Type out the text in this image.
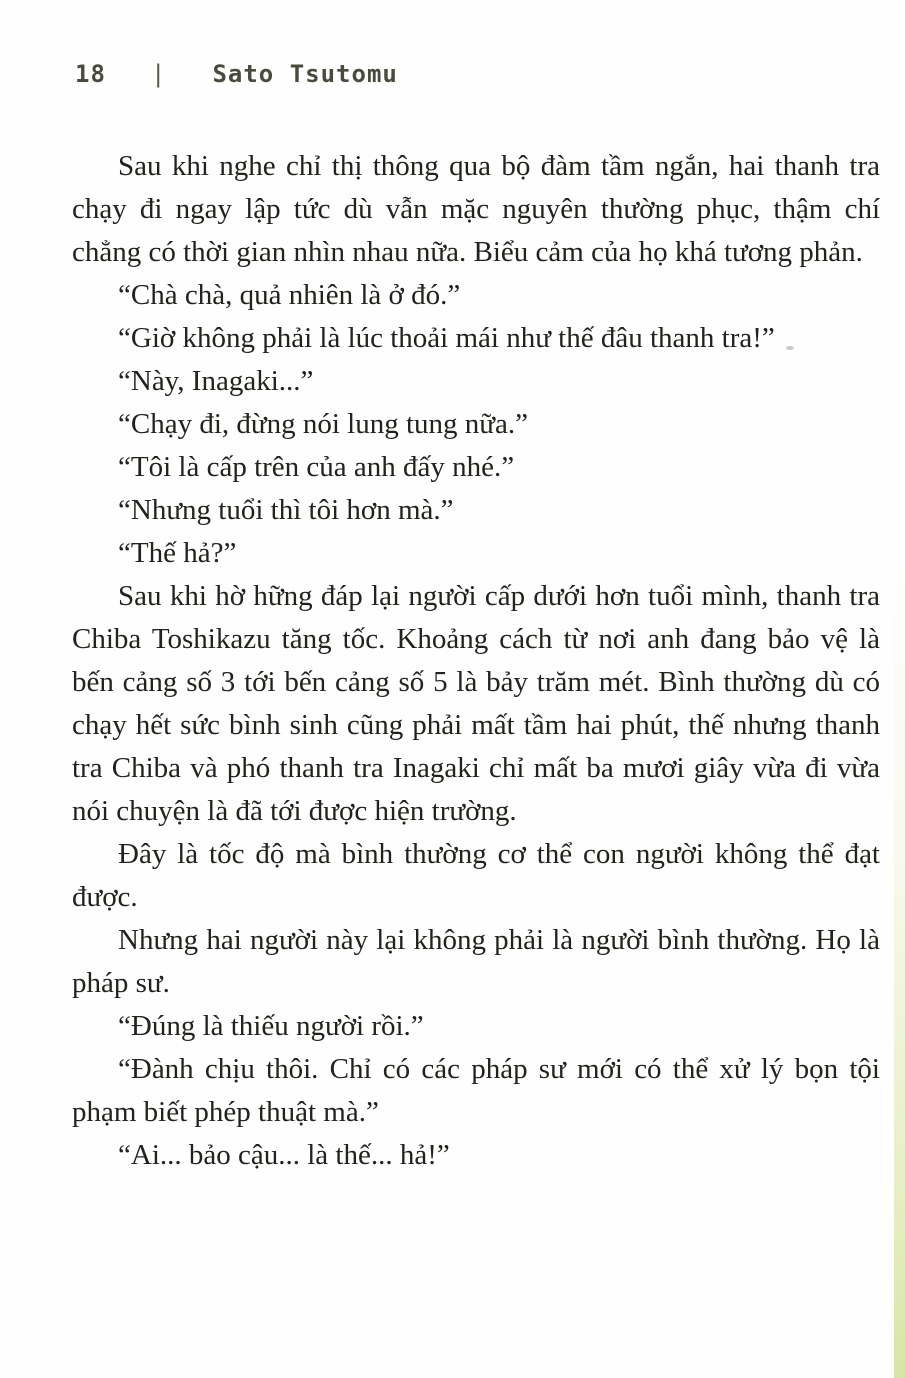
18 | Sato Tsutomu

Sau khi nghe chỉ thị thông qua bộ đàm tầm ngắn, hai thanh tra chạy đi ngay lập tức dù vẫn mặc nguyên thường phục, thậm chí chẳng có thời gian nhìn nhau nữa. Biểu cảm của họ khá tương phản.

“Chà chà, quả nhiên là ở đó.”

“Giờ không phải là lúc thoải mái như thế đâu thanh tra!”

“Này, Inagaki...”

“Chạy đi, đừng nói lung tung nữa.”

“Tôi là cấp trên của anh đấy nhé.”

“Nhưng tuổi thì tôi hơn mà.”

“Thế hả?”

Sau khi hờ hững đáp lại người cấp dưới hơn tuổi mình, thanh tra Chiba Toshikazu tăng tốc. Khoảng cách từ nơi anh đang bảo vệ là bến cảng số 3 tới bến cảng số 5 là bảy trăm mét. Bình thường dù có chạy hết sức bình sinh cũng phải mất tầm hai phút, thế nhưng thanh tra Chiba và phó thanh tra Inagaki chỉ mất ba mươi giây vừa đi vừa nói chuyện là đã tới được hiện trường.

Đây là tốc độ mà bình thường cơ thể con người không thể đạt được.

Nhưng hai người này lại không phải là người bình thường. Họ là pháp sư.

“Đúng là thiếu người rồi.”

“Đành chịu thôi. Chỉ có các pháp sư mới có thể xử lý bọn tội phạm biết phép thuật mà.”

“Ai... bảo cậu... là thế... hả!”
